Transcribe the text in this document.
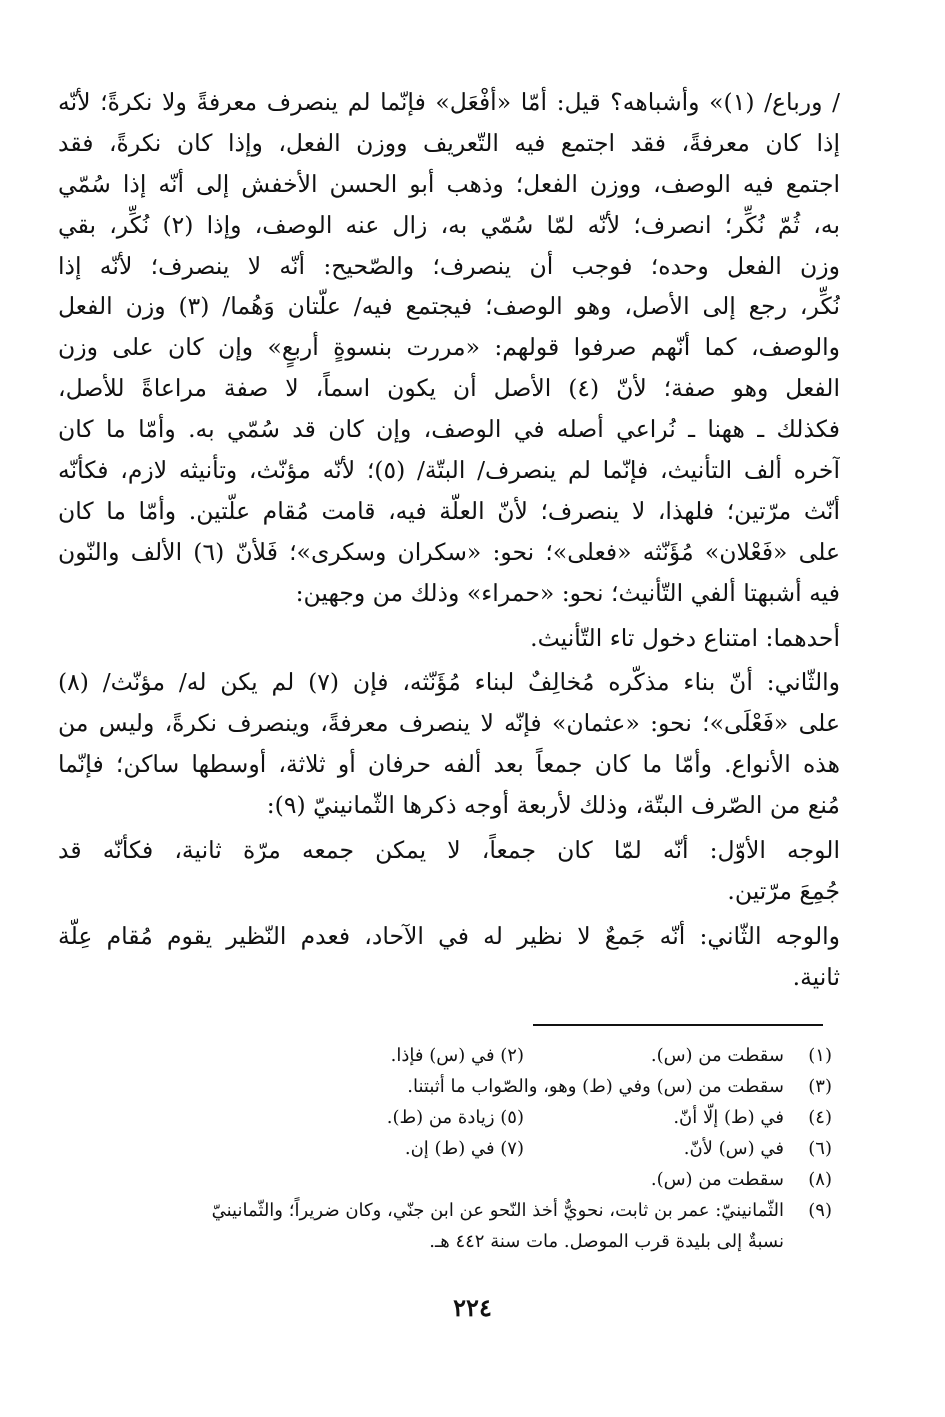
/ ورباع/ (١)» وأشباهه؟ قيل: أمّا «أفْعَل» فإنّما لم ينصرف معرفةً ولا نكرةً؛ لأنّه
إذا كان معرفةً، فقد اجتمع فيه التّعريف ووزن الفعل، وإذا كان نكرةً، فقد
اجتمع فيه الوصف، ووزن الفعل؛ وذهب أبو الحسن الأخفش إلى أنّه إذا سُمّي
به، ثُمّ نُكِّر؛ انصرف؛ لأنّه لمّا سُمّي به، زال عنه الوصف، وإذا (٢) نُكِّر، بقي
وزن الفعل وحده؛ فوجب أن ينصرف؛ والصّحيح: أنّه لا ينصرف؛ لأنّه إذا
نُكِّر، رجع إلى الأصل، وهو الوصف؛ فيجتمع فيه/ علّتان وَهُما/ (٣) وزن الفعل
والوصف، كما أنّهم صرفوا قولهم: «مررت بنسوةٍ أربعٍ» وإن كان على وزن
الفعل وهو صفة؛ لأنّ (٤) الأصل أن يكون اسماً، لا صفة مراعاةً للأصل،
فكذلك ـ ههنا ـ نُراعي أصله في الوصف، وإن كان قد سُمّي به. وأمّا ما كان
آخره ألف التأنيث، فإنّما لم ينصرف/ البتّة/ (٥)؛ لأنّه مؤنّث، وتأنيثه لازم، فكأنّه
أنّث مرّتين؛ فلهذا، لا ينصرف؛ لأنّ العلّة فيه، قامت مُقام علّتين. وأمّا ما كان
على «فَعْلان» مُؤَنّثه «فعلى»؛ نحو: «سكران وسكرى»؛ فَلأنّ (٦) الألف والنّون
فيه أشبهتا ألفي التّأنيث؛ نحو: «حمراء» وذلك من وجهين:
أحدهما: امتناع دخول تاء التّأنيث.
والثّاني: أنّ بناء مذكّره مُخالِفٌ لبناء مُؤَنّثه، فإن (٧) لم يكن له/ مؤنّث/ (٨)
على «فَعْلَى»؛ نحو: «عثمان» فإنّه لا ينصرف معرفةً، وينصرف نكرةً، وليس من
هذه الأنواع. وأمّا ما كان جمعاً بعد ألفه حرفان أو ثلاثة، أوسطها ساكن؛ فإنّما
مُنع من الصّرف البتّة، وذلك لأربعة أوجه ذكرها الثّمانينيّ (٩):
الوجه الأوّل: أنّه لمّا كان جمعاً، لا يمكن جمعه مرّة ثانية، فكأنّه قد
جُمِعَ مرّتين.
والوجه الثّاني: أنّه جَمعٌ لا نظير له في الآحاد، فعدم النّظير يقوم مُقام عِلّة
ثانية.
(١)
سقطت من (س).
(٢) في (س) فإذا.
(٣)
سقطت من (س) وفي (ط) وهو، والصّواب ما أثبتنا.
(٤)
في (ط) إلّا أنّ.
(٥) زيادة من (ط).
(٦)
في (س) لأنّ.
(٧) في (ط) إن.
(٨)
سقطت من (س).
(٩)
الثّمانينيّ: عمر بن ثابت، نحويٌّ أخذ النّحو عن ابن جنّي، وكان ضريراً؛ والثّمانينيّ
نسبةٌ إلى بليدة قرب الموصل. مات سنة ٤٤٢ هـ.
٢٢٤
